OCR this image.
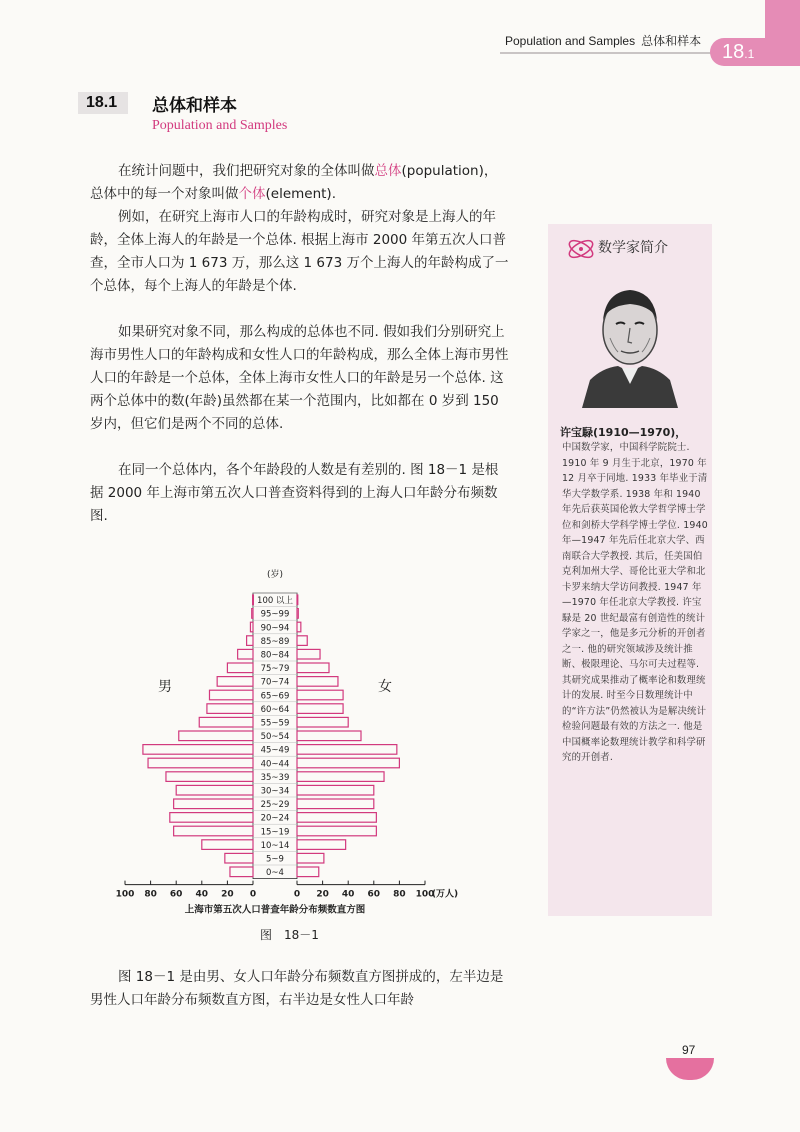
Population and Samples 总体和样本	18.1
18.1 总体和样本
Population and Samples

在统计问题中，我们把研究对象的全体叫做总体(population)，总体中的每一个对象叫做个体(element).

例如，在研究上海市人口的年龄构成时，研究对象是上海人的年龄，全体上海人的年龄是一个总体. 根据上海市 2000 年第五次人口普查，全市人口为 1 673 万，那么这 1 673 万个上海人的年龄构成了一个总体，每个上海人的年龄是个体.

如果研究对象不同，那么构成的总体也不同. 假如我们分别研究上海市男性人口的年龄构成和女性人口的年龄构成，那么全体上海市男性人口的年龄是一个总体，全体上海市女性人口的年龄是另一个总体. 这两个总体中的数(年龄)虽然都在某一个范围内，比如都在 0 岁到 150 岁内，但它们是两个不同的总体.

在同一个总体内，各个年龄段的人数是有差别的. 图 18－1 是根据 2000 年上海市第五次人口普查资料得到的上海人口年龄分布频数图.

0~4
5~9
10~14
15~19
20~24
25~29
30~34
35~39
40~44
45~49
50~54
55~59
60~64
65~69
70~74
75~79
80~84
85~89
90~94
95~99
100 以上
(岁)
男	女
100 80 60 40 20 0	0 20 40 60 80 100
(万人)
上海市第五次人口普查年龄分布频数直方图
图　18－1

图 18－1 是由男、女人口年龄分布频数直方图拼成的，左半边是男性人口年龄分布频数直方图，右半边是女性人口年龄

数学家简介
许宝騄(1910—1970)，

中国数学家，中国科学院院士. 1910 年 9 月生于北京，1970 年 12 月卒于同地. 1933 年毕业于清华大学数学系. 1938 年和 1940 年先后获英国伦敦大学哲学博士学位和剑桥大学科学博士学位. 1940 年—1947 年先后任北京大学、西南联合大学教授. 其后，任美国伯克利加州大学、哥伦比亚大学和北卡罗来纳大学访问教授. 1947 年—1970 年任北京大学教授. 许宝騄是 20 世纪最富有创造性的统计学家之一，他是多元分析的开创者之一. 他的研究领域涉及统计推断、极限理论、马尔可夫过程等. 其研究成果推动了概率论和数理统计的发展. 时至今日数理统计中的“许方法”仍然被认为是解决统计检验问题最有效的方法之一. 他是中国概率论数理统计教学和科学研究的开创者.

97
